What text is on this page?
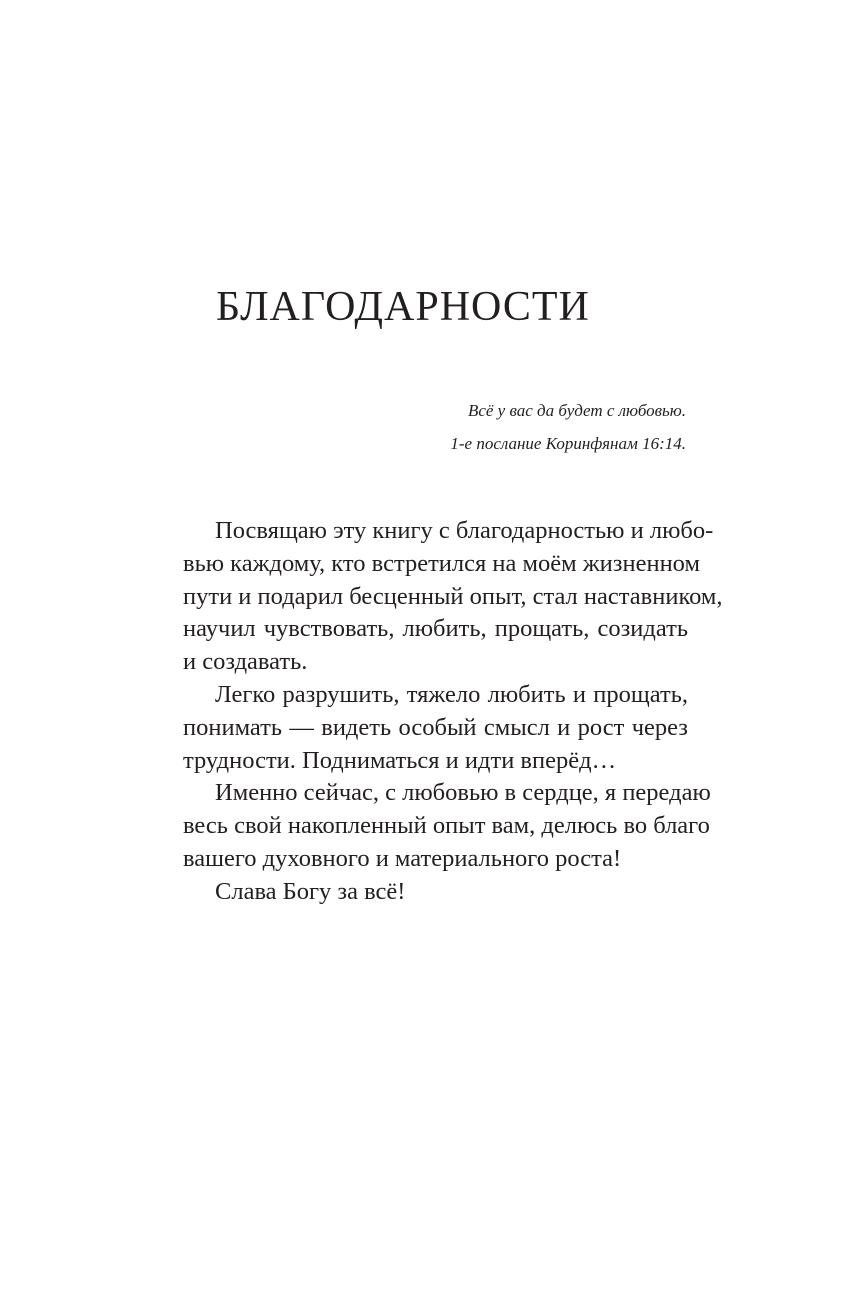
БЛАГОДАРНОСТИ
Всё у вас да будет с любовью.
1-е послание Коринфянам 16:14.
Посвящаю эту книгу с благодарностью и любо-
вью каждому, кто встретился на моём жизненном
пути и подарил бесценный опыт, стал наставником,
научил чувствовать, любить, прощать, созидать
и создавать.
Легко разрушить, тяжело любить и прощать,
понимать — видеть особый смысл и рост через
трудности. Подниматься и идти вперёд…
Именно сейчас, с любовью в сердце, я передаю
весь свой накопленный опыт вам, делюсь во благо
вашего духовного и материального роста!
Слава Богу за всё!
